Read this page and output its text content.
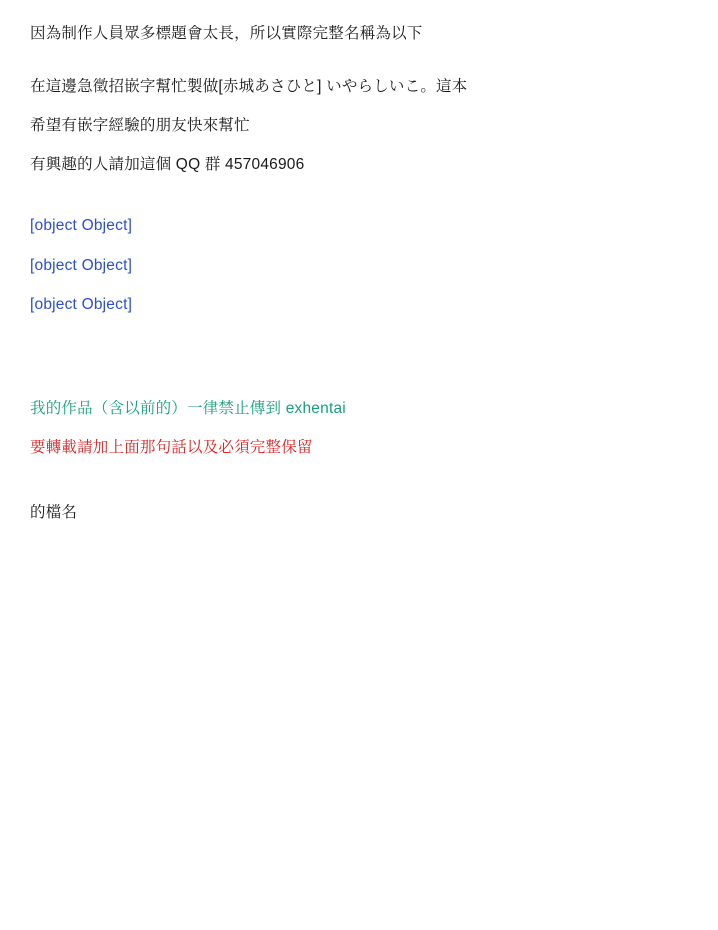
因為制作人員眾多標題會太長，所以實際完整名稱為以下
在這邊急徵招嵌字幫忙製做[赤城あさひと] いやらしいこ。這本
希望有嵌字經驗的朋友快來幫忙
有興趣的人請加這個 QQ 群 457046906
[object Object]
[object Object]
[object Object]

我的作品（含以前的）一律禁止傳到 exhentai
要轉載請加上面那句話以及必須完整保留
的檔名
